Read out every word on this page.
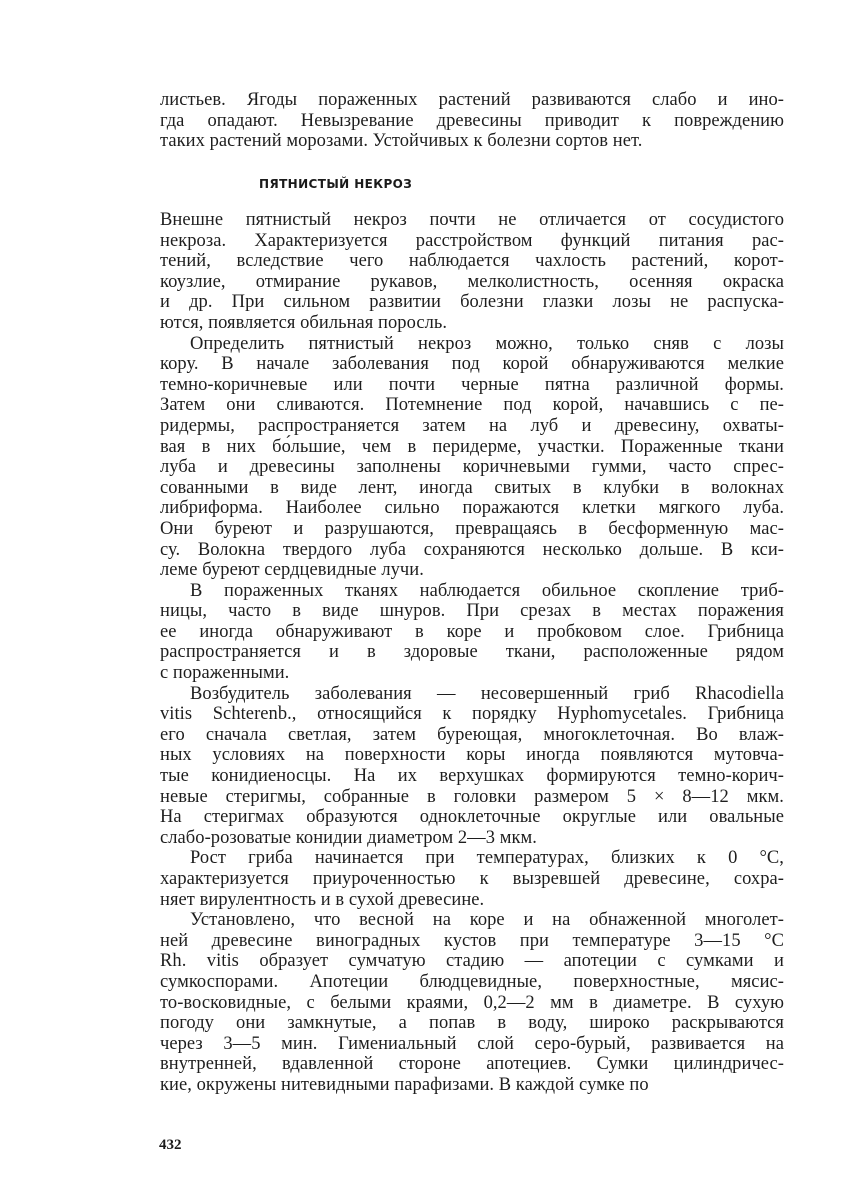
листьев. Ягоды пораженных растений развиваются слабо и ино-
гда опадают. Невызревание древесины приводит к повреждению
таких растений морозами. Устойчивых к болезни сортов нет.
ПЯТНИСТЫЙ НЕКРОЗ
Внешне пятнистый некроз почти не отличается от сосудистого
некроза. Характеризуется расстройством функций питания рас-
тений, вследствие чего наблюдается чахлость растений, корот-
коузлие, отмирание рукавов, мелколистность, осенняя окраска
и др. При сильном развитии болезни глазки лозы не распуска-
ются, появляется обильная поросль.
Определить пятнистый некроз можно, только сняв с лозы
кору. В начале заболевания под корой обнаруживаются мелкие
темно-коричневые или почти черные пятна различной формы.
Затем они сливаются. Потемнение под корой, начавшись с пе-
ридермы, распространяется затем на луб и древесину, охваты-
вая в них бо́льшие, чем в перидерме, участки. Пораженные ткани
луба и древесины заполнены коричневыми гумми, часто спрес-
сованными в виде лент, иногда свитых в клубки в волокнах
либриформа. Наиболее сильно поражаются клетки мягкого луба.
Они буреют и разрушаются, превращаясь в бесформенную мас-
су. Волокна твердого луба сохраняются несколько дольше. В кси-
леме буреют сердцевидные лучи.
В пораженных тканях наблюдается обильное скопление триб-
ницы, часто в виде шнуров. При срезах в местах поражения
ее иногда обнаруживают в коре и пробковом слое. Грибница
распространяется и в здоровые ткани, расположенные рядом
с пораженными.
Возбудитель заболевания — несовершенный гриб Rhacodiella
vitis Schterenb., относящийся к порядку Hyphomycetales. Грибница
его сначала светлая, затем буреющая, многоклеточная. Во влаж-
ных условиях на поверхности коры иногда появляются мутовча-
тые конидиеносцы. На их верхушках формируются темно-корич-
невые стеригмы, собранные в головки размером 5 × 8—12 мкм.
На стеригмах образуются одноклеточные округлые или овальные
слабо-розоватые конидии диаметром 2—3 мкм.
Рост гриба начинается при температурах, близких к 0 °С,
характеризуется приуроченностью к вызревшей древесине, сохра-
няет вирулентность и в сухой древесине.
Установлено, что весной на коре и на обнаженной многолет-
ней древесине виноградных кустов при температуре 3—15 °С
Rh. vitis образует сумчатую стадию — апотеции с сумками и
сумкоспорами. Апотеции блюдцевидные, поверхностные, мясис-
то-восковидные, с белыми краями, 0,2—2 мм в диаметре. В сухую
погоду они замкнутые, а попав в воду, широко раскрываются
через 3—5 мин. Гимениальный слой серо-бурый, развивается на
внутренней, вдавленной стороне апотециев. Сумки цилиндричес-
кие, окружены нитевидными парафизами. В каждой сумке по
432
